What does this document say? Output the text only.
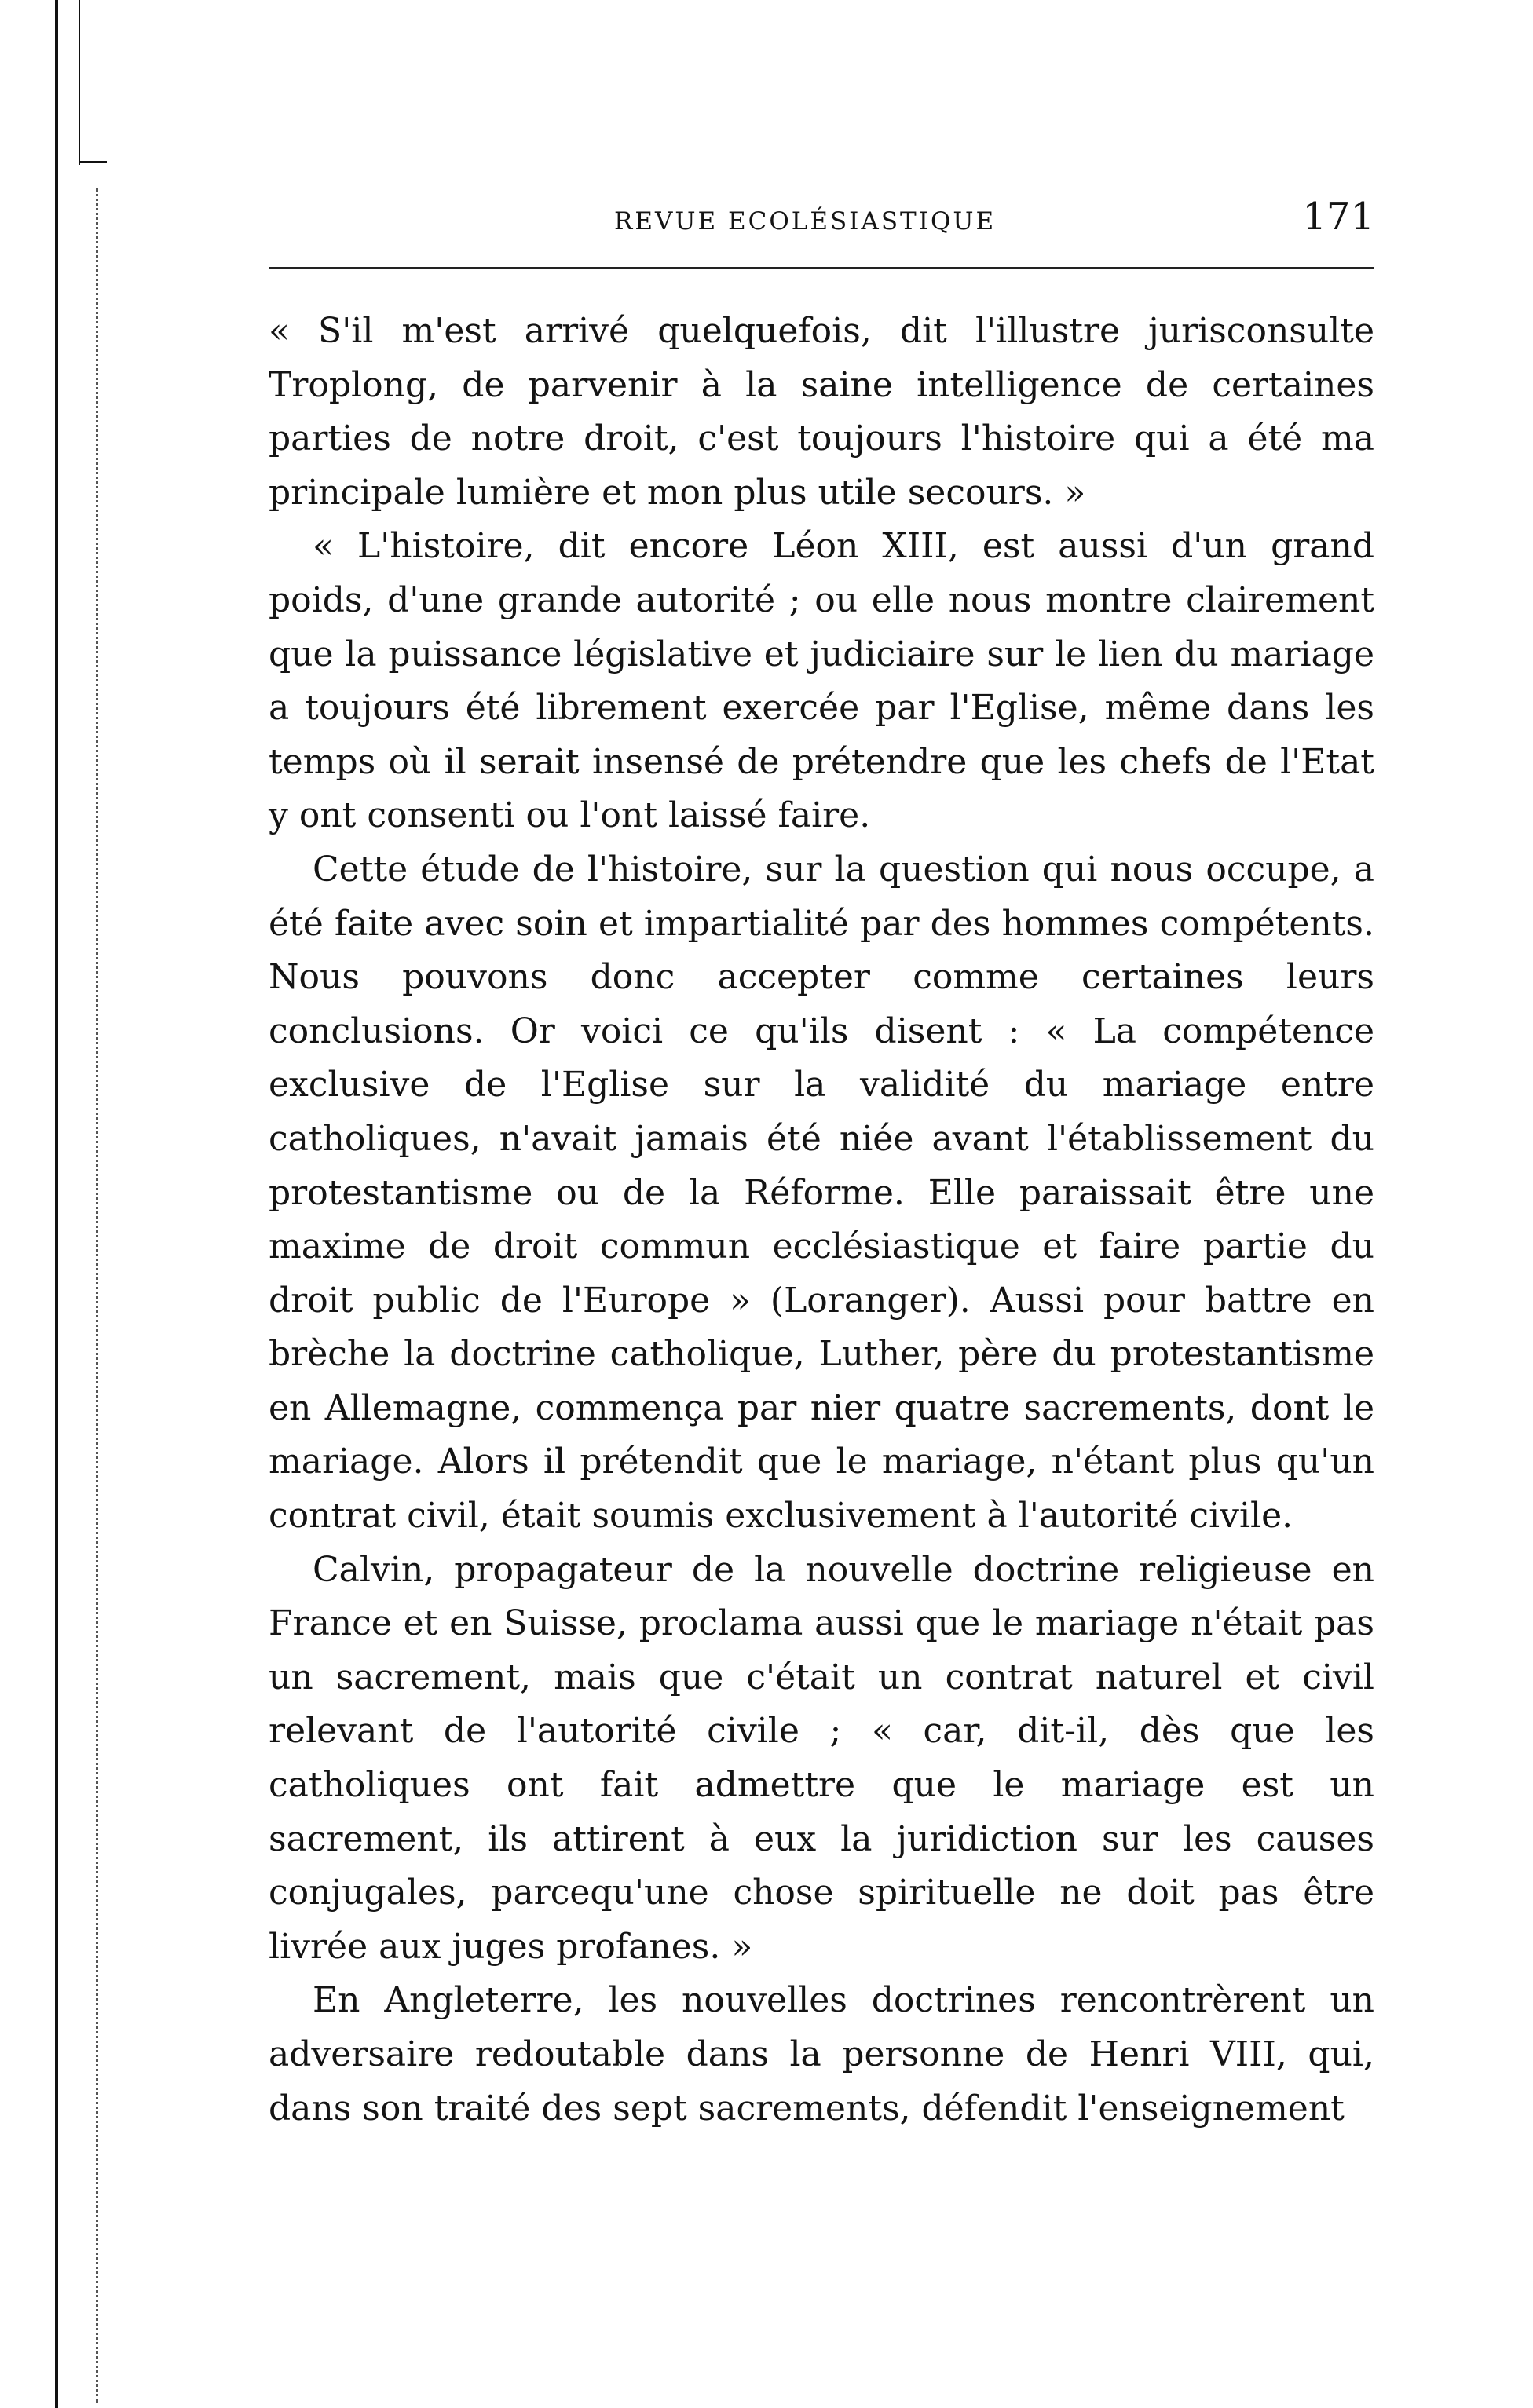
REVUE ECOLÉSIASTIQUE	171

« S'il m'est arrivé quelquefois, dit l'illustre jurisconsulte Troplong, de parvenir à la saine intelligence de certaines parties de notre droit, c'est toujours l'histoire qui a été ma principale lumière et mon plus utile secours. »

« L'histoire, dit encore Léon XIII, est aussi d'un grand poids, d'une grande autorité ; ou elle nous montre clairement que la puissance législative et judiciaire sur le lien du mariage a toujours été librement exercée par l'Eglise, même dans les temps où il serait insensé de prétendre que les chefs de l'Etat y ont consenti ou l'ont laissé faire.

Cette étude de l'histoire, sur la question qui nous occupe, a été faite avec soin et impartialité par des hommes compétents. Nous pouvons donc accepter comme certaines leurs conclusions. Or voici ce qu'ils disent : « La compétence exclusive de l'Eglise sur la validité du mariage entre catholiques, n'avait jamais été niée avant l'établissement du protestantisme ou de la Réforme. Elle paraissait être une maxime de droit commun ecclésiastique et faire partie du droit public de l'Europe » (Loranger). Aussi pour battre en brèche la doctrine catholique, Luther, père du protestantisme en Allemagne, commença par nier quatre sacrements, dont le mariage. Alors il prétendit que le mariage, n'étant plus qu'un contrat civil, était soumis exclusivement à l'autorité civile.

Calvin, propagateur de la nouvelle doctrine religieuse en France et en Suisse, proclama aussi que le mariage n'était pas un sacrement, mais que c'était un contrat naturel et civil relevant de l'autorité civile ; « car, dit-il, dès que les catholiques ont fait admettre que le mariage est un sacrement, ils attirent à eux la juridiction sur les causes conjugales, parcequ'une chose spirituelle ne doit pas être livrée aux juges profanes. »

En Angleterre, les nouvelles doctrines rencontrèrent un adversaire redoutable dans la personne de Henri VIII, qui, dans son traité des sept sacrements, défendit l'enseignement
